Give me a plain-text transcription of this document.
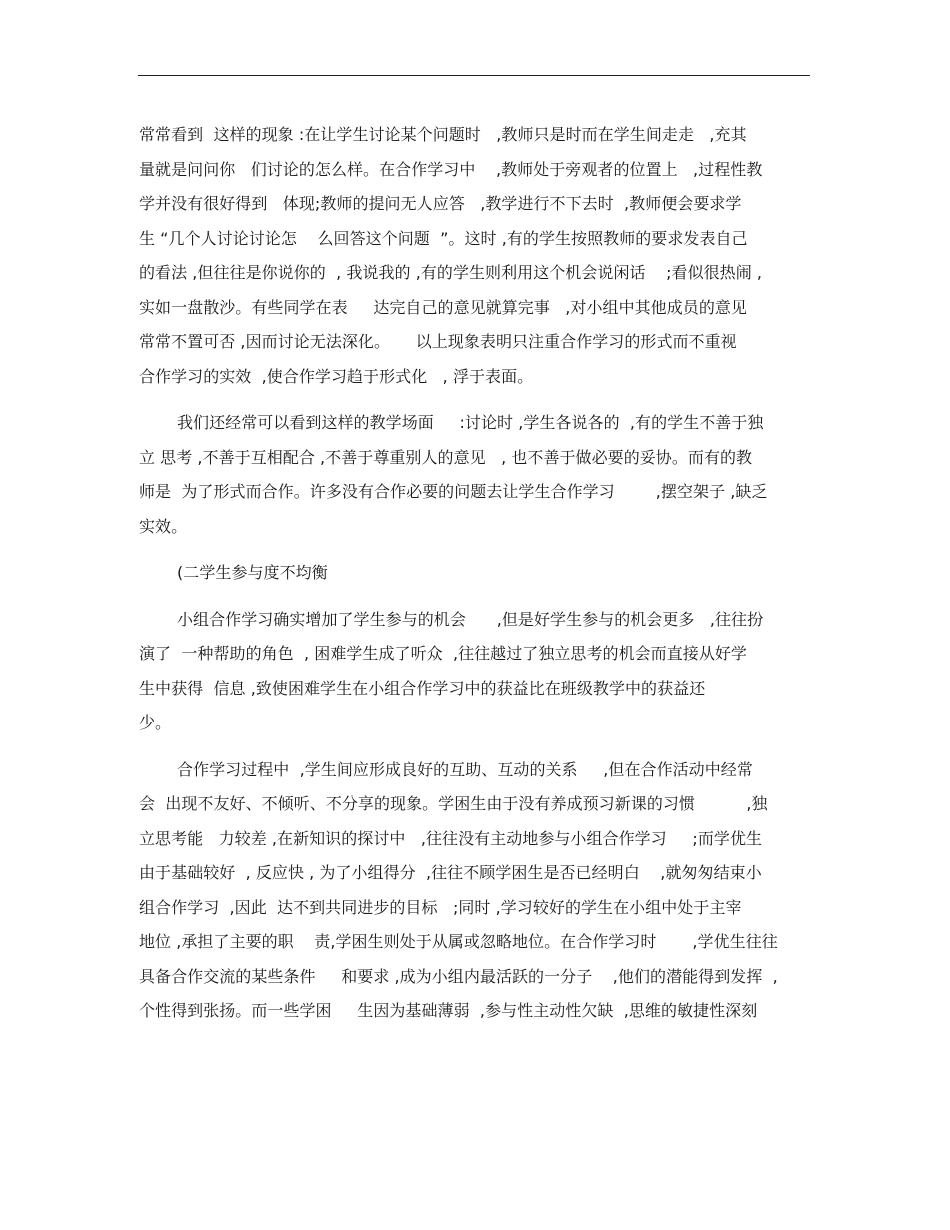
常常看到  这样的现象 :在让学生讨论某个问题时   ,教师只是时而在学生间走走   ,充其
量就是问问你   们讨论的怎么样。在合作学习中    ,教师处于旁观者的位置上   ,过程性教
学并没有很好得到   体现;教师的提问无人应答   ,教学进行不下去时  ,教师便会要求学
生 “几个人讨论讨论怎    么回答这个问题  ”。这时 ,有的学生按照教师的要求发表自己
的看法 ,但往往是你说你的  , 我说我的 ,有的学生则利用这个机会说闲话    ;看似很热闹 ,
实如一盘散沙。有些同学在表     达完自己的意见就算完事   ,对小组中其他成员的意见
常常不置可否 ,因而讨论无法深化。     以上现象表明只注重合作学习的形式而不重视
合作学习的实效  ,使合作学习趋于形式化   , 浮于表面。
我们还经常可以看到这样的教学场面     :讨论时 ,学生各说各的  ,有的学生不善于独
立 思考 ,不善于互相配合 ,不善于尊重别人的意见   , 也不善于做必要的妥协。而有的教
师是  为了形式而合作。许多没有合作必要的问题去让学生合作学习        ,摆空架子 ,缺乏
实效。
(二学生参与度不均衡
小组合作学习确实增加了学生参与的机会      ,但是好学生参与的机会更多   ,往往扮
演了  一种帮助的角色  , 困难学生成了听众  ,往往越过了独立思考的机会而直接从好学
生中获得  信息 ,致使困难学生在小组合作学习中的获益比在班级教学中的获益还
少。
合作学习过程中  ,学生间应形成良好的互助、互动的关系     ,但在合作活动中经常
会  出现不友好、不倾听、不分享的现象。学困生由于没有养成预习新课的习惯          ,独
立思考能   力较差 ,在新知识的探讨中   ,往往没有主动地参与小组合作学习     ;而学优生
由于基础较好  , 反应快 , 为了小组得分  ,往往不顾学困生是否已经明白    ,就匆匆结束小
组合作学习  ,因此  达不到共同进步的目标   ;同时 ,学习较好的学生在小组中处于主宰
地位 ,承担了主要的职    责,学困生则处于从属或忽略地位。在合作学习时       ,学优生往往
具备合作交流的某些条件     和要求 ,成为小组内最活跃的一分子    ,他们的潜能得到发挥  ,
个性得到张扬。而一些学困     生因为基础薄弱  ,参与性主动性欠缺  ,思维的敏捷性深刻
